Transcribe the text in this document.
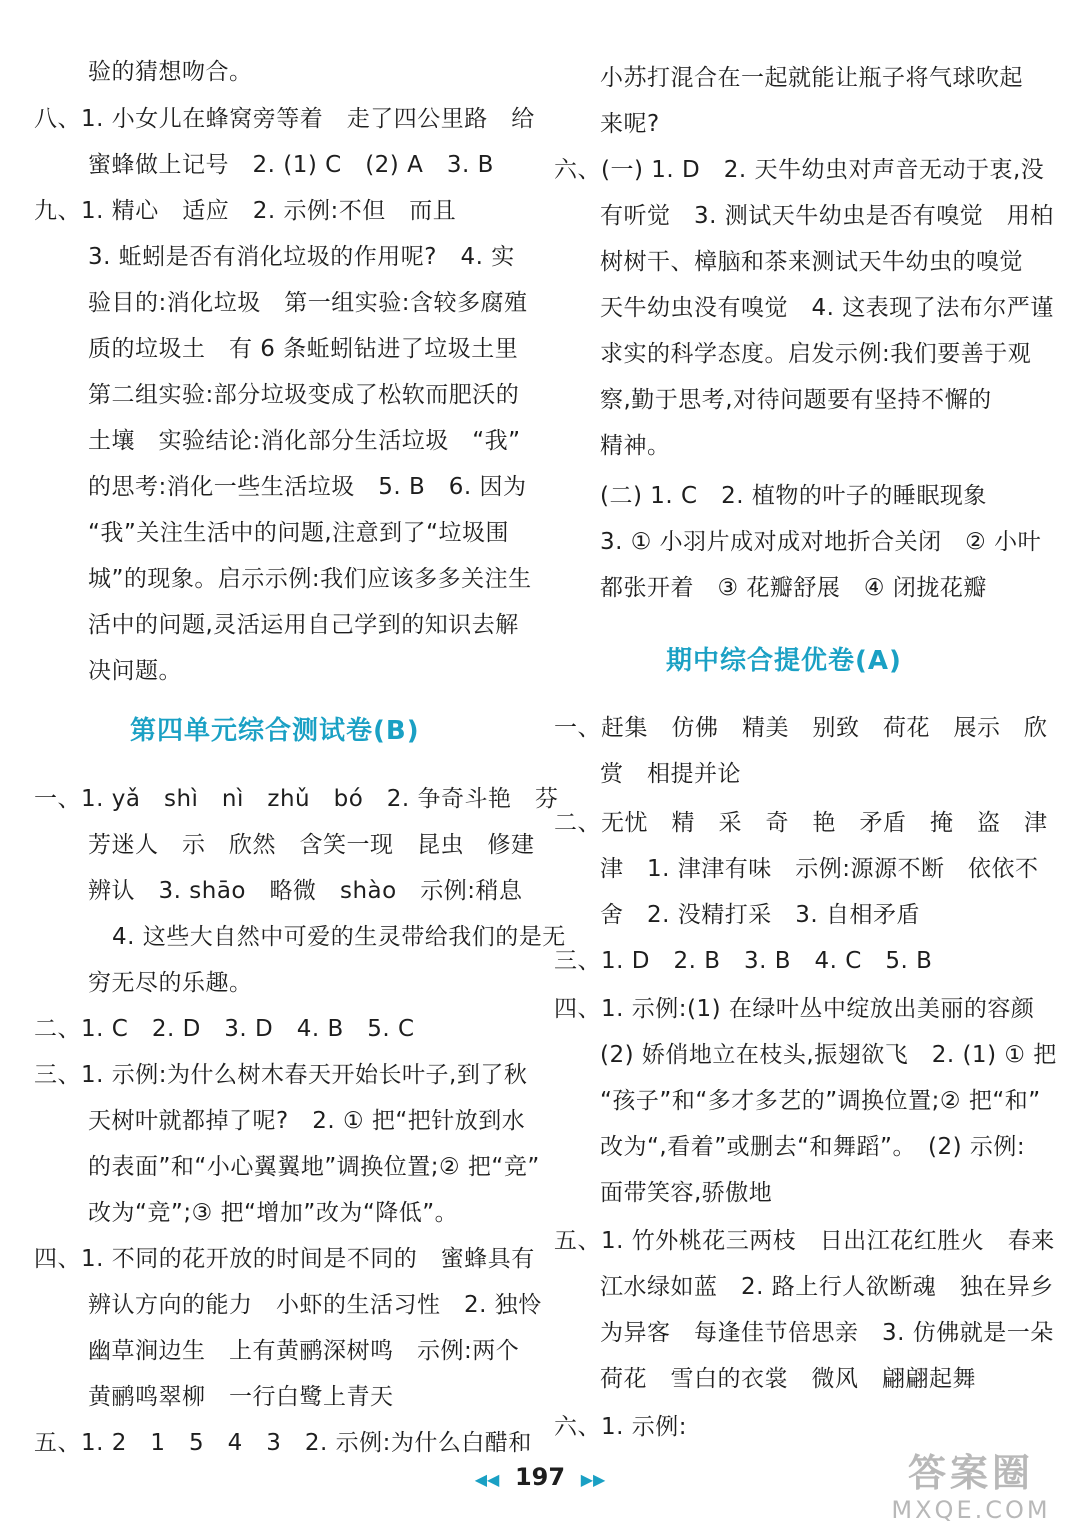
验的猜想吻合。
八、1. 小女儿在蜂窝旁等着　走了四公里路　给
蜜蜂做上记号　2. (1) C　(2) A　3. B
九、1. 精心　适应　2. 示例:不但　而且
3. 蚯蚓是否有消化垃圾的作用呢?　4. 实
验目的:消化垃圾　第一组实验:含较多腐殖
质的垃圾土　有 6 条蚯蚓钻进了垃圾土里
第二组实验:部分垃圾变成了松软而肥沃的
土壤　实验结论:消化部分生活垃圾　“我”
的思考:消化一些生活垃圾　5. B　6. 因为
“我”关注生活中的问题,注意到了“垃圾围
城”的现象。启示示例:我们应该多多关注生
活中的问题,灵活运用自己学到的知识去解
决问题。
第四单元综合测试卷(B)
一、1. yǎ　shì　nì　zhǔ　bó　2. 争奇斗艳　芬
芳迷人　示　欣然　含笑一现　昆虫　修建
辨认　3. shāo　略微　shào　示例:稍息
4. 这些大自然中可爱的生灵带给我们的是无
穷无尽的乐趣。
二、1. C　2. D　3. D　4. B　5. C
三、1. 示例:为什么树木春天开始长叶子,到了秋
天树叶就都掉了呢?　2. ① 把“把针放到水
的表面”和“小心翼翼地”调换位置;② 把“竞”
改为“竞”;③ 把“增加”改为“降低”。
四、1. 不同的花开放的时间是不同的　蜜蜂具有
辨认方向的能力　小虾的生活习性　2. 独怜
幽草涧边生　上有黄鹂深树鸣　示例:两个
黄鹂鸣翠柳　一行白鹭上青天
五、1. 2　1　5　4　3　2. 示例:为什么白醋和
小苏打混合在一起就能让瓶子将气球吹起
来呢?
六、(一) 1. D　2. 天牛幼虫对声音无动于衷,没
有听觉　3. 测试天牛幼虫是否有嗅觉　用柏
树树干、樟脑和茶来测试天牛幼虫的嗅觉
天牛幼虫没有嗅觉　4. 这表现了法布尔严谨
求实的科学态度。启发示例:我们要善于观
察,勤于思考,对待问题要有坚持不懈的
精神。
(二) 1. C　2. 植物的叶子的睡眠现象
3. ① 小羽片成对成对地折合关闭　② 小叶
都张开着　③ 花瓣舒展　④ 闭拢花瓣
期中综合提优卷(A)
一、赶集　仿佛　精美　别致　荷花　展示　欣
赏　相提并论
二、无忧　精　采　奇　艳　矛盾　掩　盗　津
津　1. 津津有味　示例:源源不断　依依不
舍　2. 没精打采　3. 自相矛盾
三、1. D　2. B　3. B　4. C　5. B
四、1. 示例:(1) 在绿叶丛中绽放出美丽的容颜
(2) 娇俏地立在枝头,振翅欲飞　2. (1) ① 把
“孩子”和“多才多艺的”调换位置;② 把“和”
改为“,看着”或删去“和舞蹈”。　(2) 示例:
面带笑容,骄傲地
五、1. 竹外桃花三两枝　日出江花红胜火　春来
江水绿如蓝　2. 路上行人欲断魂　独在异乡
为异客　每逢佳节倍思亲　3. 仿佛就是一朵
荷花　雪白的衣裳　微风　翩翩起舞
六、1. 示例:
◀◀ 197 ▶▶	答案圈
MXQE.COM
